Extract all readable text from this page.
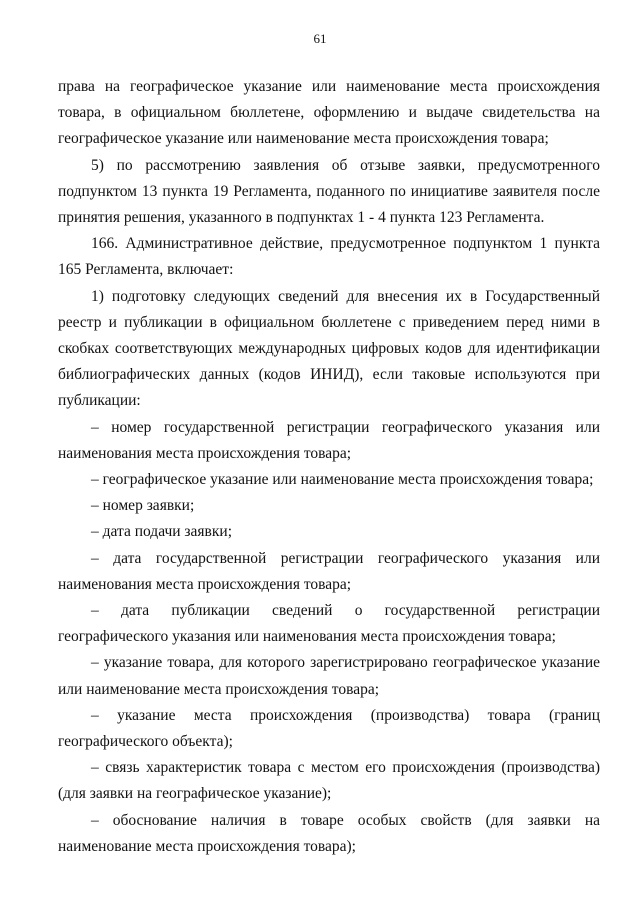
61

права на географическое указание или наименование места происхождения товара, в официальном бюллетене, оформлению и выдаче свидетельства на географическое указание или наименование места происхождения товара;

5) по рассмотрению заявления об отзыве заявки, предусмотренного подпунктом 13 пункта 19 Регламента, поданного по инициативе заявителя после принятия решения, указанного в подпунктах 1 - 4 пункта 123 Регламента.

166. Административное действие, предусмотренное подпунктом 1 пункта 165 Регламента, включает:

1) подготовку следующих сведений для внесения их в Государственный реестр и публикации в официальном бюллетене с приведением перед ними в скобках соответствующих международных цифровых кодов для идентификации библиографических данных (кодов ИНИД), если таковые используются при публикации:

– номер государственной регистрации географического указания или наименования места происхождения товара;

– географическое указание или наименование места происхождения товара;

– номер заявки;

– дата подачи заявки;

– дата государственной регистрации географического указания или наименования места происхождения товара;

– дата публикации сведений о государственной регистрации географического указания или наименования места происхождения товара;

– указание товара, для которого зарегистрировано географическое указание или наименование места происхождения товара;

– указание места происхождения (производства) товара (границ географического объекта);

– связь характеристик товара с местом его происхождения (производства) (для заявки на географическое указание);

– обоснование наличия в товаре особых свойств (для заявки на наименование места происхождения товара);
